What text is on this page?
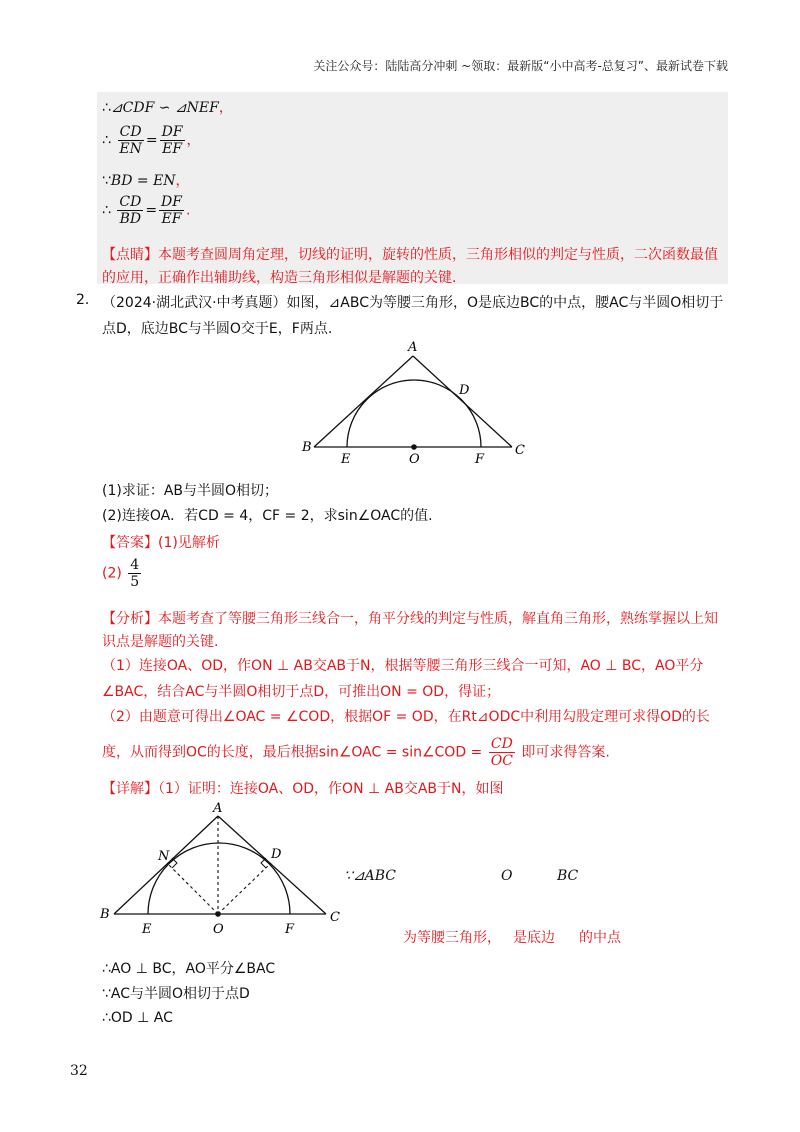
关注公众号：陆陆高分冲刺 ~领取：最新版“小中高考-总复习”、最新试卷下载
∴⊿CDF ∽ ⊿NEF，
∴ $\frac{CD}{EN} = \frac{DF}{EF}$ ，
∵BD = EN，
∴ $\frac{CD}{BD} = \frac{DF}{EF}$ .
【点睛】本题考查圆周角定理，切线的证明，旋转的性质，三角形相似的判定与性质，二次函数最值
的应用，正确作出辅助线，构造三角形相似是解题的关键.
2. （2024·湖北武汉·中考真题）如图，⊿ABC为等腰三角形，O是底边BC的中点，腰AC与半圆O相切于
点D，底边BC与半圆O交于E，F两点.
A
B	C
D
E	O	F
(1)求证：AB与半圆O相切；
(2)连接OA．若CD = 4，CF = 2，求sin∠OAC的值.
【答案】(1)见解析
$(2) \frac{4}{5}$
【分析】本题考查了等腰三角形三线合一，角平分线的判定与性质，解直角三角形，熟练掌握以上知
识点是解题的关键.
（1）连接OA、OD，作ON ⊥ AB交AB于N，根据等腰三角形三线合一可知，AO ⊥ BC，AO平分
∠BAC，结合AC与半圆O相切于点D，可推出ON = OD，得证；
（2）由题意可得出∠OAC = ∠COD，根据OF = OD，在Rt⊿ODC中利用勾股定理可求得OD的长
度，从而得到OC的长度，最后根据sin∠OAC = sin∠COD = $\frac{CD}{OC}$ 即可求得答案.
【详解】（1）证明：连接OA、OD，作ON ⊥ AB交AB于N，如图
A
B	C
D
N
E	O	F
∵⊿ABC	O	BC
为等腰三角形， 是底边 的中点
∴AO ⊥ BC，AO平分∠BAC
∵AC与半圆O相切于点D
∴OD ⊥ AC
32
